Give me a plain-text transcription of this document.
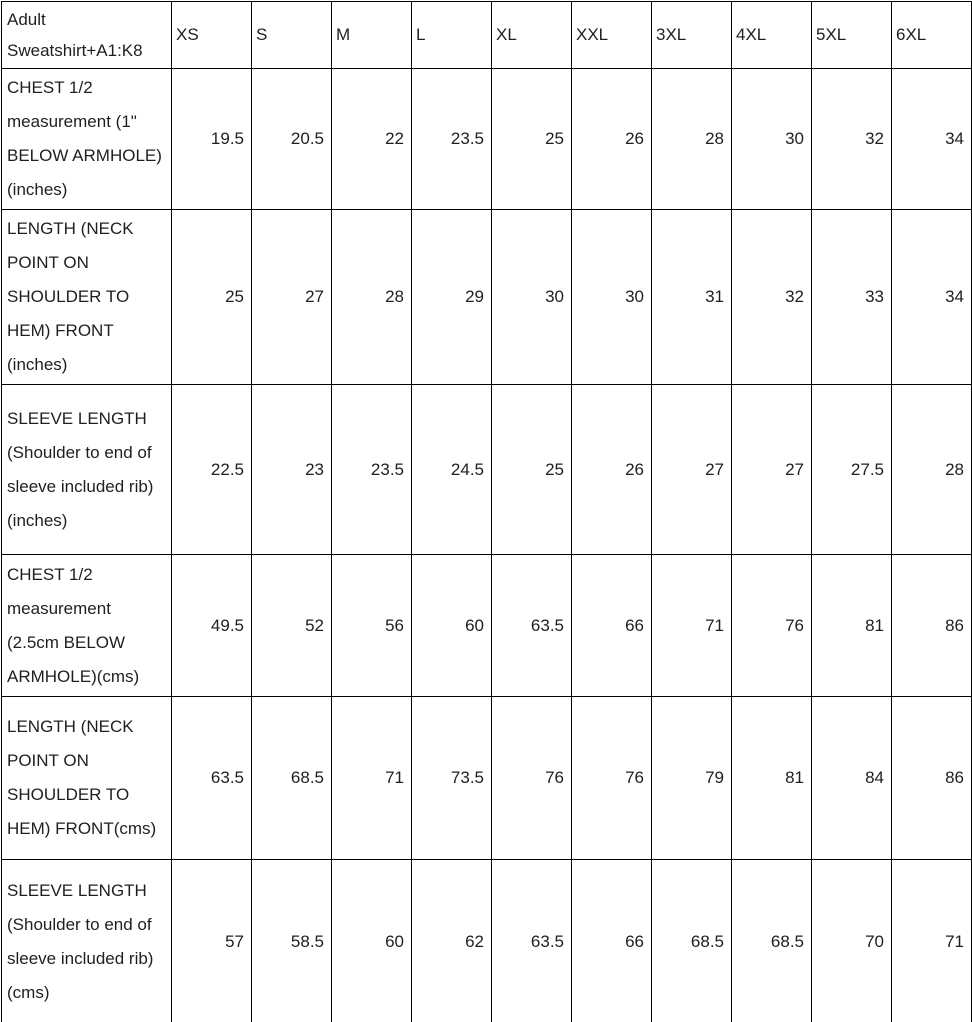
Adult Sweatshirt+A1:K8	XS	S	M	L	XL	XXL	3XL	4XL	5XL	6XL
CHEST 1/2 measurement (1" BELOW ARMHOLE) (inches)	19.5	20.5	22	23.5	25	26	28	30	32	34
LENGTH (NECK POINT ON SHOULDER TO HEM) FRONT (inches)	25	27	28	29	30	30	31	32	33	34
SLEEVE LENGTH (Shoulder to end of sleeve included rib) (inches)	22.5	23	23.5	24.5	25	26	27	27	27.5	28
CHEST 1/2 measurement (2.5cm BELOW ARMHOLE)(cms)	49.5	52	56	60	63.5	66	71	76	81	86
LENGTH (NECK POINT ON SHOULDER TO HEM) FRONT(cms)	63.5	68.5	71	73.5	76	76	79	81	84	86
SLEEVE LENGTH (Shoulder to end of sleeve included rib) (cms)	57	58.5	60	62	63.5	66	68.5	68.5	70	71
